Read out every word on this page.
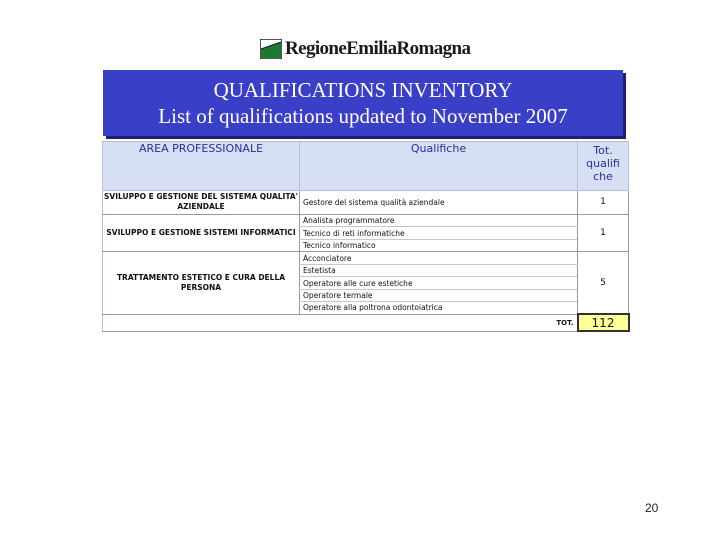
RegioneEmiliaRomagna
QUALIFICATIONS INVENTORY
List of qualifications updated to November 2007
AREA PROFESSIONALE	Qualifiche	Tot. qualifi che
SVILUPPO E GESTIONE DEL SISTEMA QUALITA' AZIENDALE	Gestore del sistema qualità aziendale	1
SVILUPPO E GESTIONE SISTEMI INFORMATICI	Analista programmatore	1
	Tecnico di reti informatiche	
	Tecnico informatico	
TRATTAMENTO ESTETICO E CURA DELLA PERSONA	Acconciatore	5
	Estetista	
	Operatore alle cure estetiche	
	Operatore termale	
	Operatore alla poltrona odontoiatrica	
TOT.		112
20
